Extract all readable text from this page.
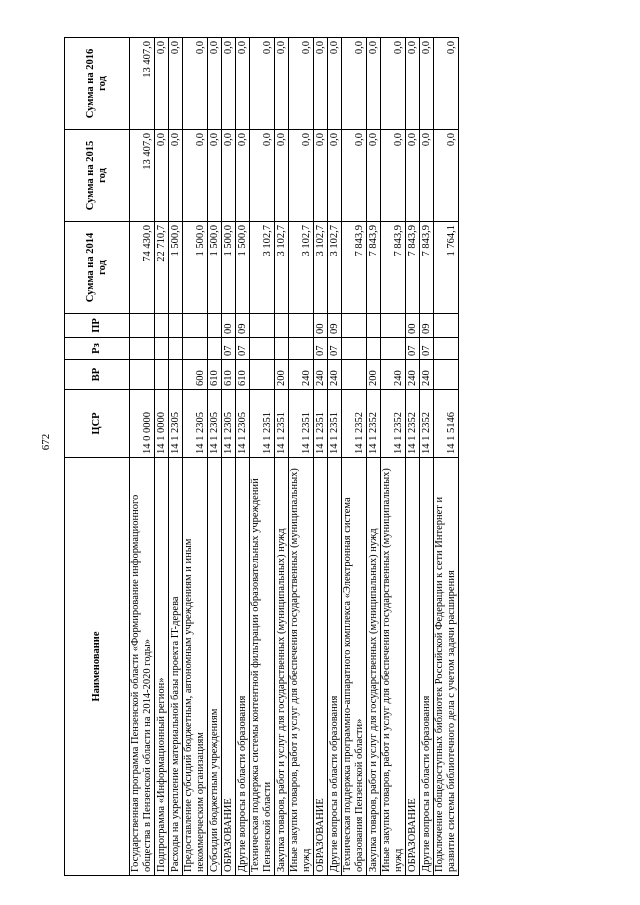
672
Наименование	ЦСР	ВР	Рз	ПР	Сумма на 2014 год	Сумма на 2015 год	Сумма на 2016 год
Государственная программа Пензенской области «Формирование информационного общества в Пензенской области на 2014-2020 годы»	14 0 0000				74 430,0	13 407,0	13 407,0
Подпрограмма «Информационный регион»	14 1 0000				22 710,7	0,0	0,0
Расходы на укрепление материальной базы проекта IT-дерева	14 1 2305				1 500,0	0,0	0,0
Предоставление субсидий бюджетным, автономным учреждениям и иным некоммерческим организациям	14 1 2305	600			1 500,0	0,0	0,0
Субсидии бюджетным учреждениям	14 1 2305	610			1 500,0	0,0	0,0
ОБРАЗОВАНИЕ	14 1 2305	610	07	00	1 500,0	0,0	0,0
Другие вопросы в области образования	14 1 2305	610	07	09	1 500,0	0,0	0,0
Техническая поддержка системы контентной фильтрации образовательных учреждений Пензенской области	14 1 2351				3 102,7	0,0	0,0
Закупка товаров, работ и услуг для государственных (муниципальных) нужд	14 1 2351	200			3 102,7	0,0	0,0
Иные закупки товаров, работ и услуг для обеспечения государственных (муниципальных) нужд	14 1 2351	240			3 102,7	0,0	0,0
ОБРАЗОВАНИЕ	14 1 2351	240	07	00	3 102,7	0,0	0,0
Другие вопросы в области образования	14 1 2351	240	07	09	3 102,7	0,0	0,0
Техническая поддержка программно-аппаратного комплекса «Электронная система образования Пензенской области»	14 1 2352				7 843,9	0,0	0,0
Закупка товаров, работ и услуг для государственных (муниципальных) нужд	14 1 2352	200			7 843,9	0,0	0,0
Иные закупки товаров, работ и услуг для обеспечения государственных (муниципальных) нужд	14 1 2352	240			7 843,9	0,0	0,0
ОБРАЗОВАНИЕ	14 1 2352	240	07	00	7 843,9	0,0	0,0
Другие вопросы в области образования	14 1 2352	240	07	09	7 843,9	0,0	0,0
Подключение общедоступных библиотек Российской Федерации к сети Интернет и развитие системы библиотечного дела с учетом задачи расширения	14 1 5146				1 764,1	0,0	0,0
